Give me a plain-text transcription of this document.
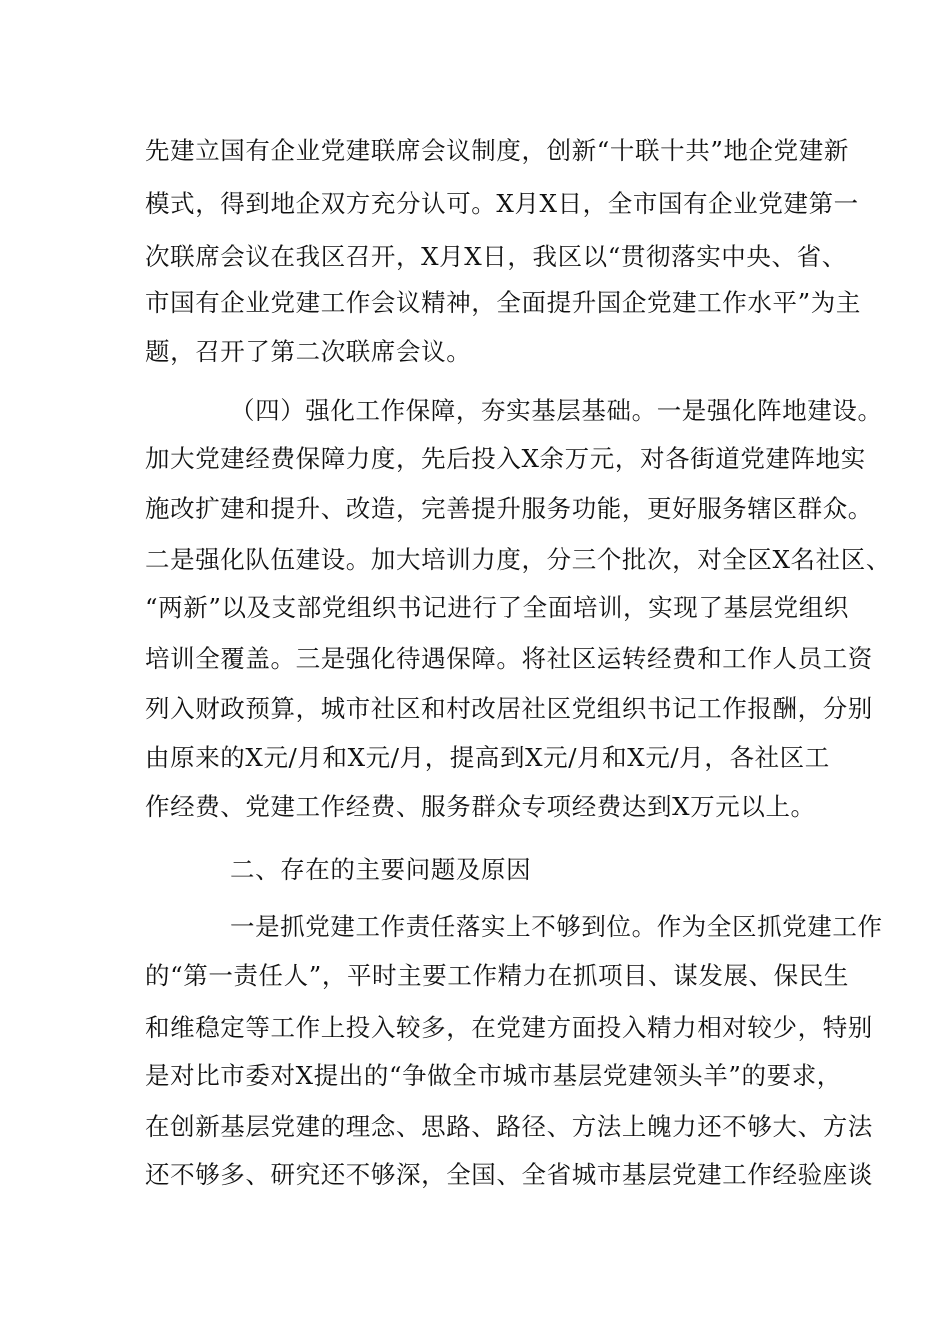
先建立国有企业党建联席会议制度，创新“十联十共”地企党建新
模式，得到地企双方充分认可。X月X日，全市国有企业党建第一
次联席会议在我区召开，X月X日，我区以“贯彻落实中央、省、
市国有企业党建工作会议精神，全面提升国企党建工作水平”为主
题，召开了第二次联席会议。
（四）强化工作保障，夯实基层基础。一是强化阵地建设。
加大党建经费保障力度，先后投入X余万元，对各街道党建阵地实
施改扩建和提升、改造，完善提升服务功能，更好服务辖区群众。
二是强化队伍建设。加大培训力度，分三个批次，对全区X名社区、
“两新”以及支部党组织书记进行了全面培训，实现了基层党组织
培训全覆盖。三是强化待遇保障。将社区运转经费和工作人员工资
列入财政预算，城市社区和村改居社区党组织书记工作报酬，分别
由原来的X元/月和X元/月，提高到X元/月和X元/月，各社区工
作经费、党建工作经费、服务群众专项经费达到X万元以上。
二、存在的主要问题及原因
一是抓党建工作责任落实上不够到位。作为全区抓党建工作
的“第一责任人”，平时主要工作精力在抓项目、谋发展、保民生
和维稳定等工作上投入较多，在党建方面投入精力相对较少，特别
是对比市委对X提出的“争做全市城市基层党建领头羊”的要求，
在创新基层党建的理念、思路、路径、方法上魄力还不够大、方法
还不够多、研究还不够深，全国、全省城市基层党建工作经验座谈
